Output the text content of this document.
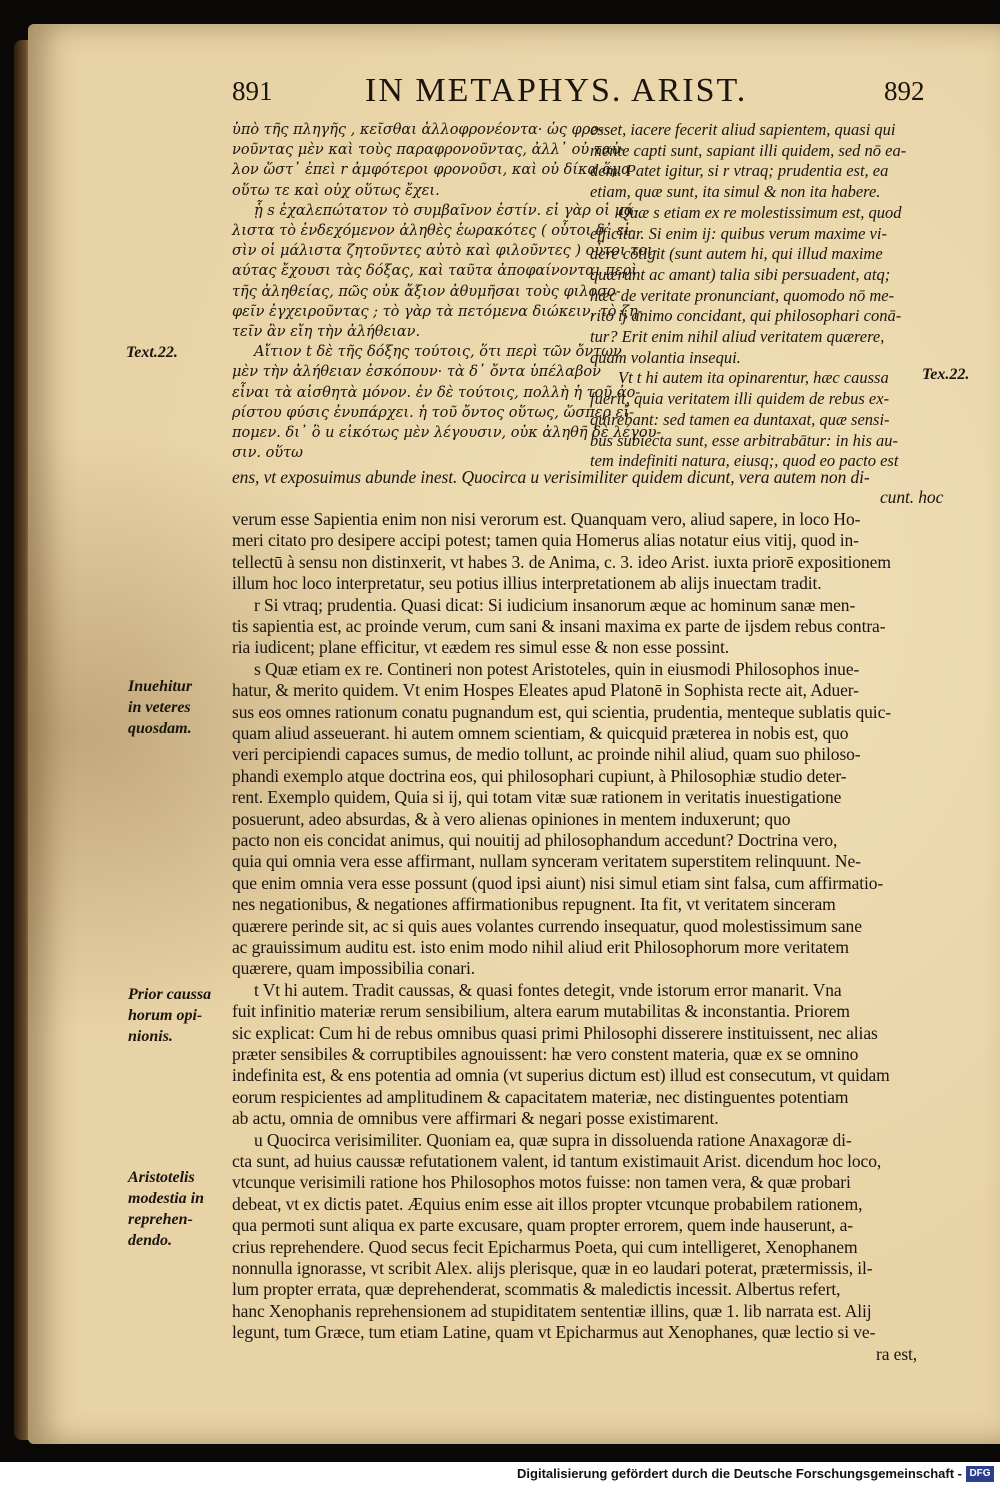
891	IN METAPHYS. ARIST.	892
ὑπὸ τῆς πληγῆς , κεῖσθαι ἀλλοφρονέοντα· ὡς φρο-
νοῦντας μὲν καὶ τοὺς παραφρονοῦντας, ἀλλ᾽ οὐ ταὐ-
λον ὥστ᾽ ἐπεὶ r ἀμφότεροι φρονοῦσι, καὶ οὐ δίκα ἅμα
οὕτω τε καὶ οὐχ οὕτως ἔχει.
ᾗ s ἐχαλεπώτατον τὸ συμβαῖνον ἐστίν. εἰ γὰρ οἱ μά-
λιστα τὸ ἐνδεχόμενον ἀληθὲς ἑωρακότες ( οὗτοι δ᾽ εἰ-
σὶν οἱ μάλιστα ζητοῦντες αὐτὸ καὶ φιλοῦντες ) οὗτοι τοι-
αύτας ἔχουσι τὰς δόξας, καὶ ταῦτα ἀποφαίνονται περὶ
τῆς ἀληθείας, πῶς οὐκ ἄξιον ἀθυμῆσαι τοὺς φιλοσο-
φεῖν ἐγχειροῦντας ; τὸ γὰρ τὰ πετόμενα διώκειν, τὸ ζη-
τεῖν ἂν εἴη τὴν ἀλήθειαν.
Αἴτιον t δὲ τῆς δόξης τούτοις, ὅτι περὶ τῶν ὄντων
μὲν τὴν ἀλήθειαν ἐσκόπουν· τὰ δ᾽ ὄντα ὑπέλαβον
εἶναι τὰ αἰσθητὰ μόνον. ἐν δὲ τούτοις, πολλὴ ἡ τοῦ ἀο-
ρίστου φύσις ἐνυπάρχει. ἡ τοῦ ὄντος οὕτως, ὥσπερ εἴ-
πομεν. δι᾽ ὃ u εἰκότως μὲν λέγουσιν, οὐκ ἀληθῆ δὲ λέγου-
σιν. οὕτω
esset, iacere fecerit aliud sapientem, quasi qui
mente capti sunt, sapiant illi quidem, sed nō ea-
dem. Patet igitur, si r vtraq; prudentia est, ea
etiam, quæ sunt, ita simul & non ita habere.
Quæ s etiam ex re molestissimum est, quod
efficitur. Si enim ij: quibus verum maxime vi-
dere cōtigit (sunt autem hi, qui illud maxime
quærunt ac amant) talia sibi persuadent, atq;
hæc de veritate pronunciant, quomodo nō me-
rito ij animo concidant, qui philosophari conā-
tur? Erit enim nihil aliud veritatem quærere,
quam volantia insequi.
Vt t hi autem ita opinarentur, hæc caussa
fuerit, quia veritatem illi quidem de rebus ex-
quirebant: sed tamen ea duntaxat, quæ sensi-
bus subiecta sunt, esse arbitrabātur: in his au-
tem indefiniti natura, eiusq;, quod eo pacto est
ens, vt exposuimus abunde inest. Quocirca u verisimiliter quidem dicunt, vera autem non di-
cunt. hoc
verum esse Sapientia enim non nisi verorum est. Quanquam vero, aliud sapere, in loco Ho-
meri citato pro desipere accipi potest; tamen quia Homerus alias notatur eius vitij, quod in-
tellectū à sensu non distinxerit, vt habes 3. de Anima, c. 3. ideo Arist. iuxta priorē expositionem
illum hoc loco interpretatur, seu potius illius interpretationem ab alijs inuectam tradit.
r Si vtraq; prudentia. Quasi dicat: Si iudicium insanorum æque ac hominum sanæ men-
tis sapientia est, ac proinde verum, cum sani & insani maxima ex parte de ijsdem rebus contra-
ria iudicent; plane efficitur, vt eædem res simul esse & non esse possint.
s Quæ etiam ex re. Contineri non potest Aristoteles, quin in eiusmodi Philosophos inue-
hatur, & merito quidem. Vt enim Hospes Eleates apud Platonē in Sophista recte ait, Aduer-
sus eos omnes rationum conatu pugnandum est, qui scientia, prudentia, menteque sublatis quic-
quam aliud asseuerant. hi autem omnem scientiam, & quicquid præterea in nobis est, quo
veri percipiendi capaces sumus, de medio tollunt, ac proinde nihil aliud, quam suo philoso-
phandi exemplo atque doctrina eos, qui philosophari cupiunt, à Philosophiæ studio deter-
rent. Exemplo quidem, Quia si ij, qui totam vitæ suæ rationem in veritatis inuestigatione
posuerunt, adeo absurdas, & à vero alienas opiniones in mentem induxerunt; quo
pacto non eis concidat animus, qui nouitij ad philosophandum accedunt? Doctrina vero,
quia qui omnia vera esse affirmant, nullam synceram veritatem superstitem relinquunt. Ne-
que enim omnia vera esse possunt (quod ipsi aiunt) nisi simul etiam sint falsa, cum affirmatio-
nes negationibus, & negationes affirmationibus repugnent. Ita fit, vt veritatem sinceram
quærere perinde sit, ac si quis aues volantes currendo insequatur, quod molestissimum sane
ac grauissimum auditu est. isto enim modo nihil aliud erit Philosophorum more veritatem
quærere, quam impossibilia conari.
t Vt hi autem. Tradit caussas, & quasi fontes detegit, vnde istorum error manarit. Vna
fuit infinitio materiæ rerum sensibilium, altera earum mutabilitas & inconstantia. Priorem
sic explicat: Cum hi de rebus omnibus quasi primi Philosophi disserere instituissent, nec alias
præter sensibiles & corruptibiles agnouissent: hæ vero constent materia, quæ ex se omnino
indefinita est, & ens potentia ad omnia (vt superius dictum est) illud est consecutum, vt quidam
eorum respicientes ad amplitudinem & capacitatem materiæ, nec distinguentes potentiam
ab actu, omnia de omnibus vere affirmari & negari posse existimarent.
u Quocirca verisimiliter. Quoniam ea, quæ supra in dissoluenda ratione Anaxagoræ di-
cta sunt, ad huius caussæ refutationem valent, id tantum existimauit Arist. dicendum hoc loco,
vtcunque verisimili ratione hos Philosophos motos fuisse: non tamen vera, & quæ probari
debeat, vt ex dictis patet. Æquius enim esse ait illos propter vtcunque probabilem rationem,
qua permoti sunt aliqua ex parte excusare, quam propter errorem, quem inde hauserunt, a-
crius reprehendere. Quod secus fecit Epicharmus Poeta, qui cum intelligeret, Xenophanem
nonnulla ignorasse, vt scribit Alex. alijs plerisque, quæ in eo laudari poterat, prætermissis, il-
lum propter errata, quæ deprehenderat, scommatis & maledictis incessit. Albertus refert,
hanc Xenophanis reprehensionem ad stupiditatem sententiæ illins, quæ 1. lib narrata est. Alij
legunt, tum Græce, tum etiam Latine, quam vt Epicharmus aut Xenophanes, quæ lectio si ve-
ra est,
Text.22.
Tex.22.
Inuehitur
in veteres
quosdam.
Prior caussa
horum opi-
nionis.
Aristotelis
modestia in
reprehen-
dendo.
Digitalisierung gefördert durch die Deutsche Forschungsgemeinschaft - DFG
